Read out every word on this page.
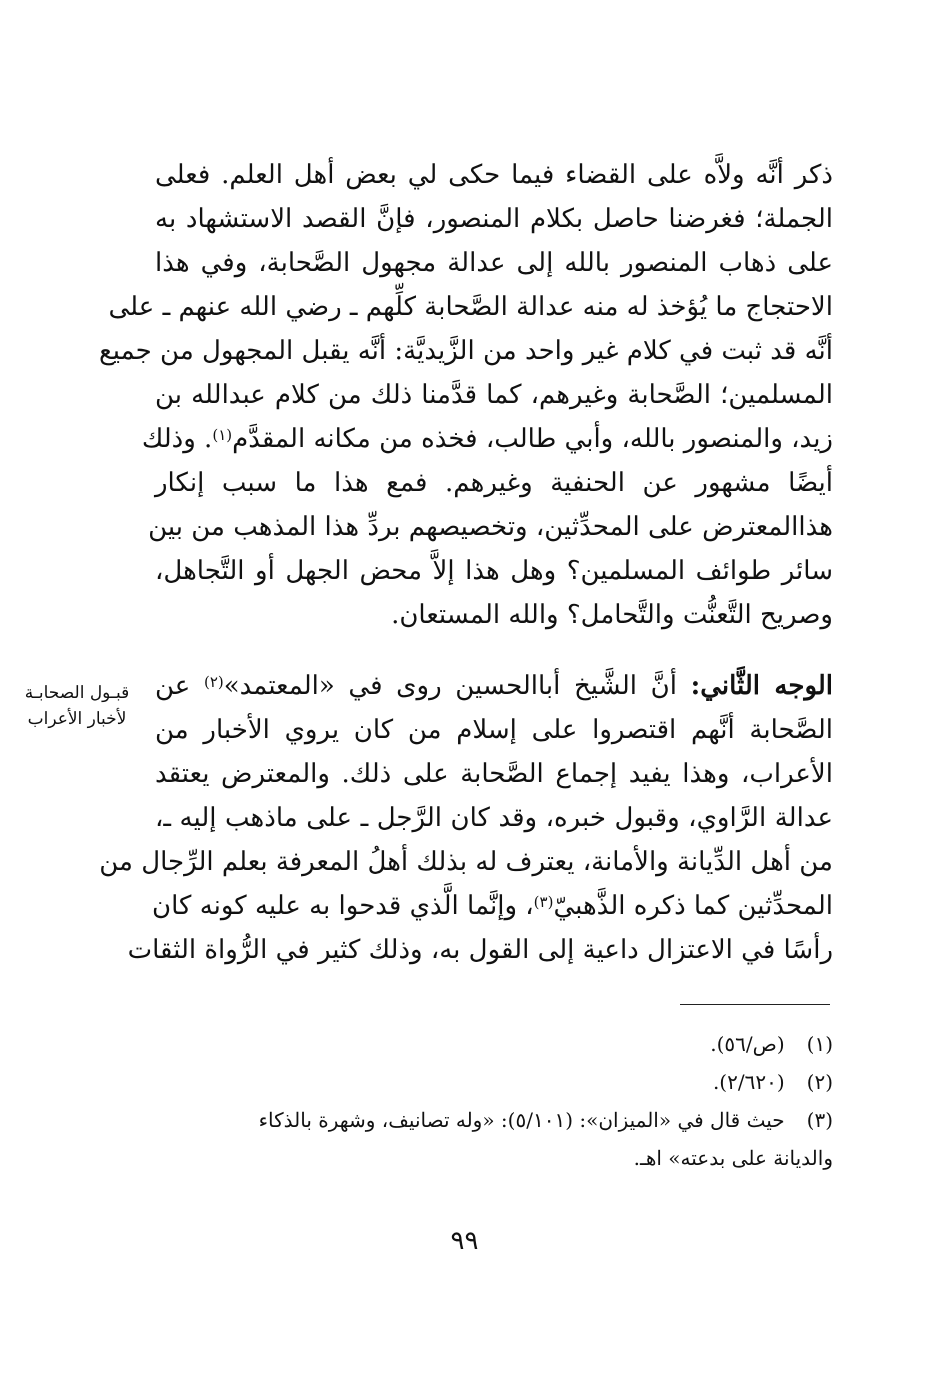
ذكر أنَّه ولاَّه على القضاء فيما حكى لي بعض أهل العلم. فعلى
الجملة؛ فغرضنا حاصل بكلام المنصور، فإنَّ القصد الاستشهاد به
على ذهاب المنصور بالله إلى عدالة مجهول الصَّحابة، وفي هذا
الاحتجاج ما يُؤخذ له منه عدالة الصَّحابة كلِّهم ـ رضي الله عنهم ـ على
أنَّه قد ثبت في كلام غير واحد من الزَّيديَّة: أنَّه يقبل المجهول من جميع
المسلمين؛ الصَّحابة وغيرهم، كما قدَّمنا ذلك من كلام عبدالله بن
زيد، والمنصور بالله، وأبي طالب، فخذه من مكانه المقدَّم$^{(١)}$. وذلك
أيضًا مشهور عن الحنفية وغيرهم. فمع هذا ما سبب إنكار
هذاالمعترض على المحدِّثين، وتخصيصهم بردِّ هذا المذهب من بين
سائر طوائف المسلمين؟ وهل هذا إلاَّ محض الجهل أو التَّجاهل،
وصريح التَّعنُّت والتَّحامل؟ والله المستعان.
قبـول الصحابـة
لأخبار الأعراب
الوجه الثَّاني: أنَّ الشَّيخ أباالحسين روى في «المعتمد»$^{(٢)}$ عن
الصَّحابة أنَّهم اقتصروا على إسلام من كان يروي الأخبار من
الأعراب، وهذا يفيد إجماع الصَّحابة على ذلك. والمعترض يعتقد
عدالة الرَّاوي، وقبول خبره، وقد كان الرَّجل ـ على ماذهب إليه ـ،
من أهل الدِّيانة والأمانة، يعترف له بذلك أهلُ المعرفة بعلم الرِّجال من
المحدِّثين كما ذكره الذَّهبيّ$^{(٣)}$، وإنَّما الَّذي قدحوا به عليه كونه كان
رأسًا في الاعتزال داعية إلى القول به، وذلك كثير في الرُّواة الثقات
(١) (ص/٥٦).
(٢) (٢/٦٢٠).
(٣) حيث قال في «الميزان»: (٥/١٠١): «وله تصانيف، وشهرة بالذكاء
والديانة على بدعته» اهـ.
٩٩
